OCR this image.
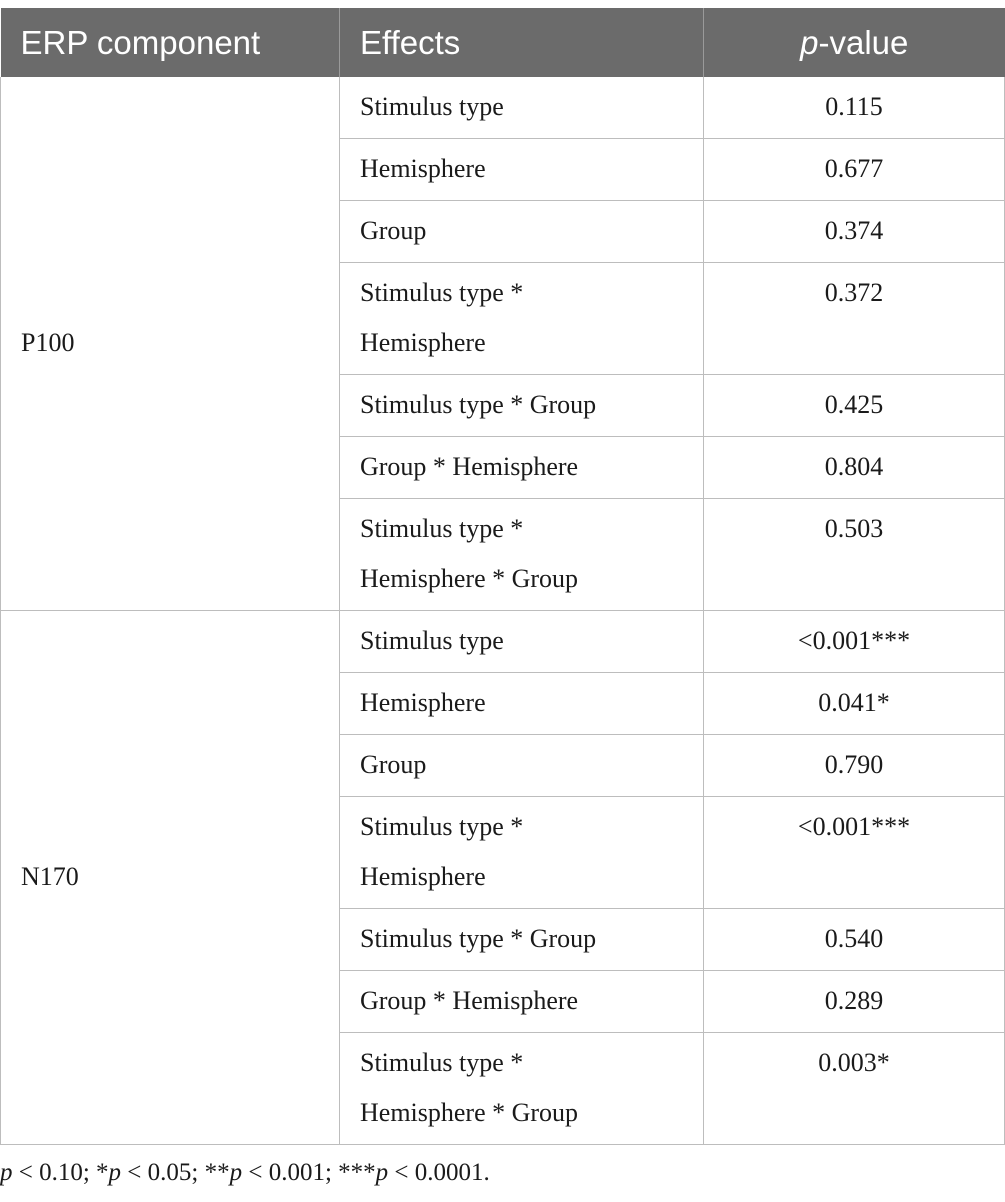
ERP component	Effects	p-value
P100	Stimulus type	0.115

	Hemisphere	0.677

	Group	0.374

	Stimulus type *
Hemisphere	0.372

	Stimulus type * Group	0.425

	Group * Hemisphere	0.804

	Stimulus type *
Hemisphere * Group	0.503
N170	Stimulus type	<0.001***

	Hemisphere	0.041*

	Group	0.790

	Stimulus type *
Hemisphere	<0.001***

	Stimulus type * Group	0.540

	Group * Hemisphere	0.289

	Stimulus type *
Hemisphere * Group	0.003*
p < 0.10; *p < 0.05; **p < 0.001; ***p < 0.0001.
